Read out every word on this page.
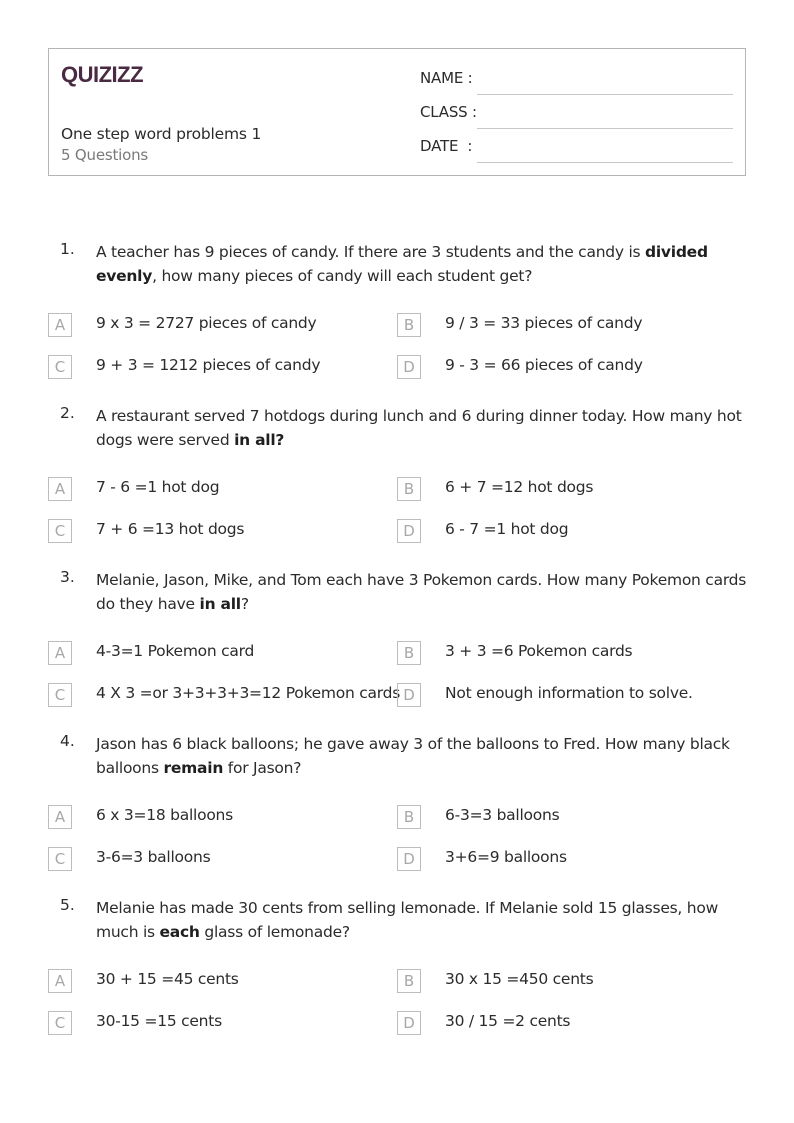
QUIZIZZ
One step word problems 1
5 Questions
NAME :
CLASS :
DATE  :
1. A teacher has 9 pieces of candy. If there are 3 students and the candy is divided evenly, how many pieces of candy will each student get?
A	9 x 3 = 2727 pieces of candy	B	9 / 3 = 33 pieces of candy
C	9 + 3 = 1212 pieces of candy	D	9 - 3 = 66 pieces of candy
2. A restaurant served 7 hotdogs during lunch and 6 during dinner today. How many hot dogs were served in all?
A	7 - 6 =1 hot dog	B	6 + 7 =12 hot dogs
C	7 + 6 =13 hot dogs	D	6 - 7 =1 hot dog
3. Melanie, Jason, Mike, and Tom each have 3 Pokemon cards. How many Pokemon cards do they have in all?
A	4-3=1 Pokemon card	B	3 + 3 =6 Pokemon cards
C	4 X 3 =or 3+3+3+3=12 Pokemon cards D	Not enough information to solve.
4. Jason has 6 black balloons; he gave away 3 of the balloons to Fred. How many black balloons remain for Jason?
A	6 x 3=18 balloons	B	6-3=3 balloons
C	3-6=3 balloons	D	3+6=9 balloons
5. Melanie has made 30 cents from selling lemonade. If Melanie sold 15 glasses, how much is each glass of lemonade?
A	30 + 15 =45 cents	B	30 x 15 =450 cents
C	30-15 =15 cents	D	30 / 15 =2 cents
